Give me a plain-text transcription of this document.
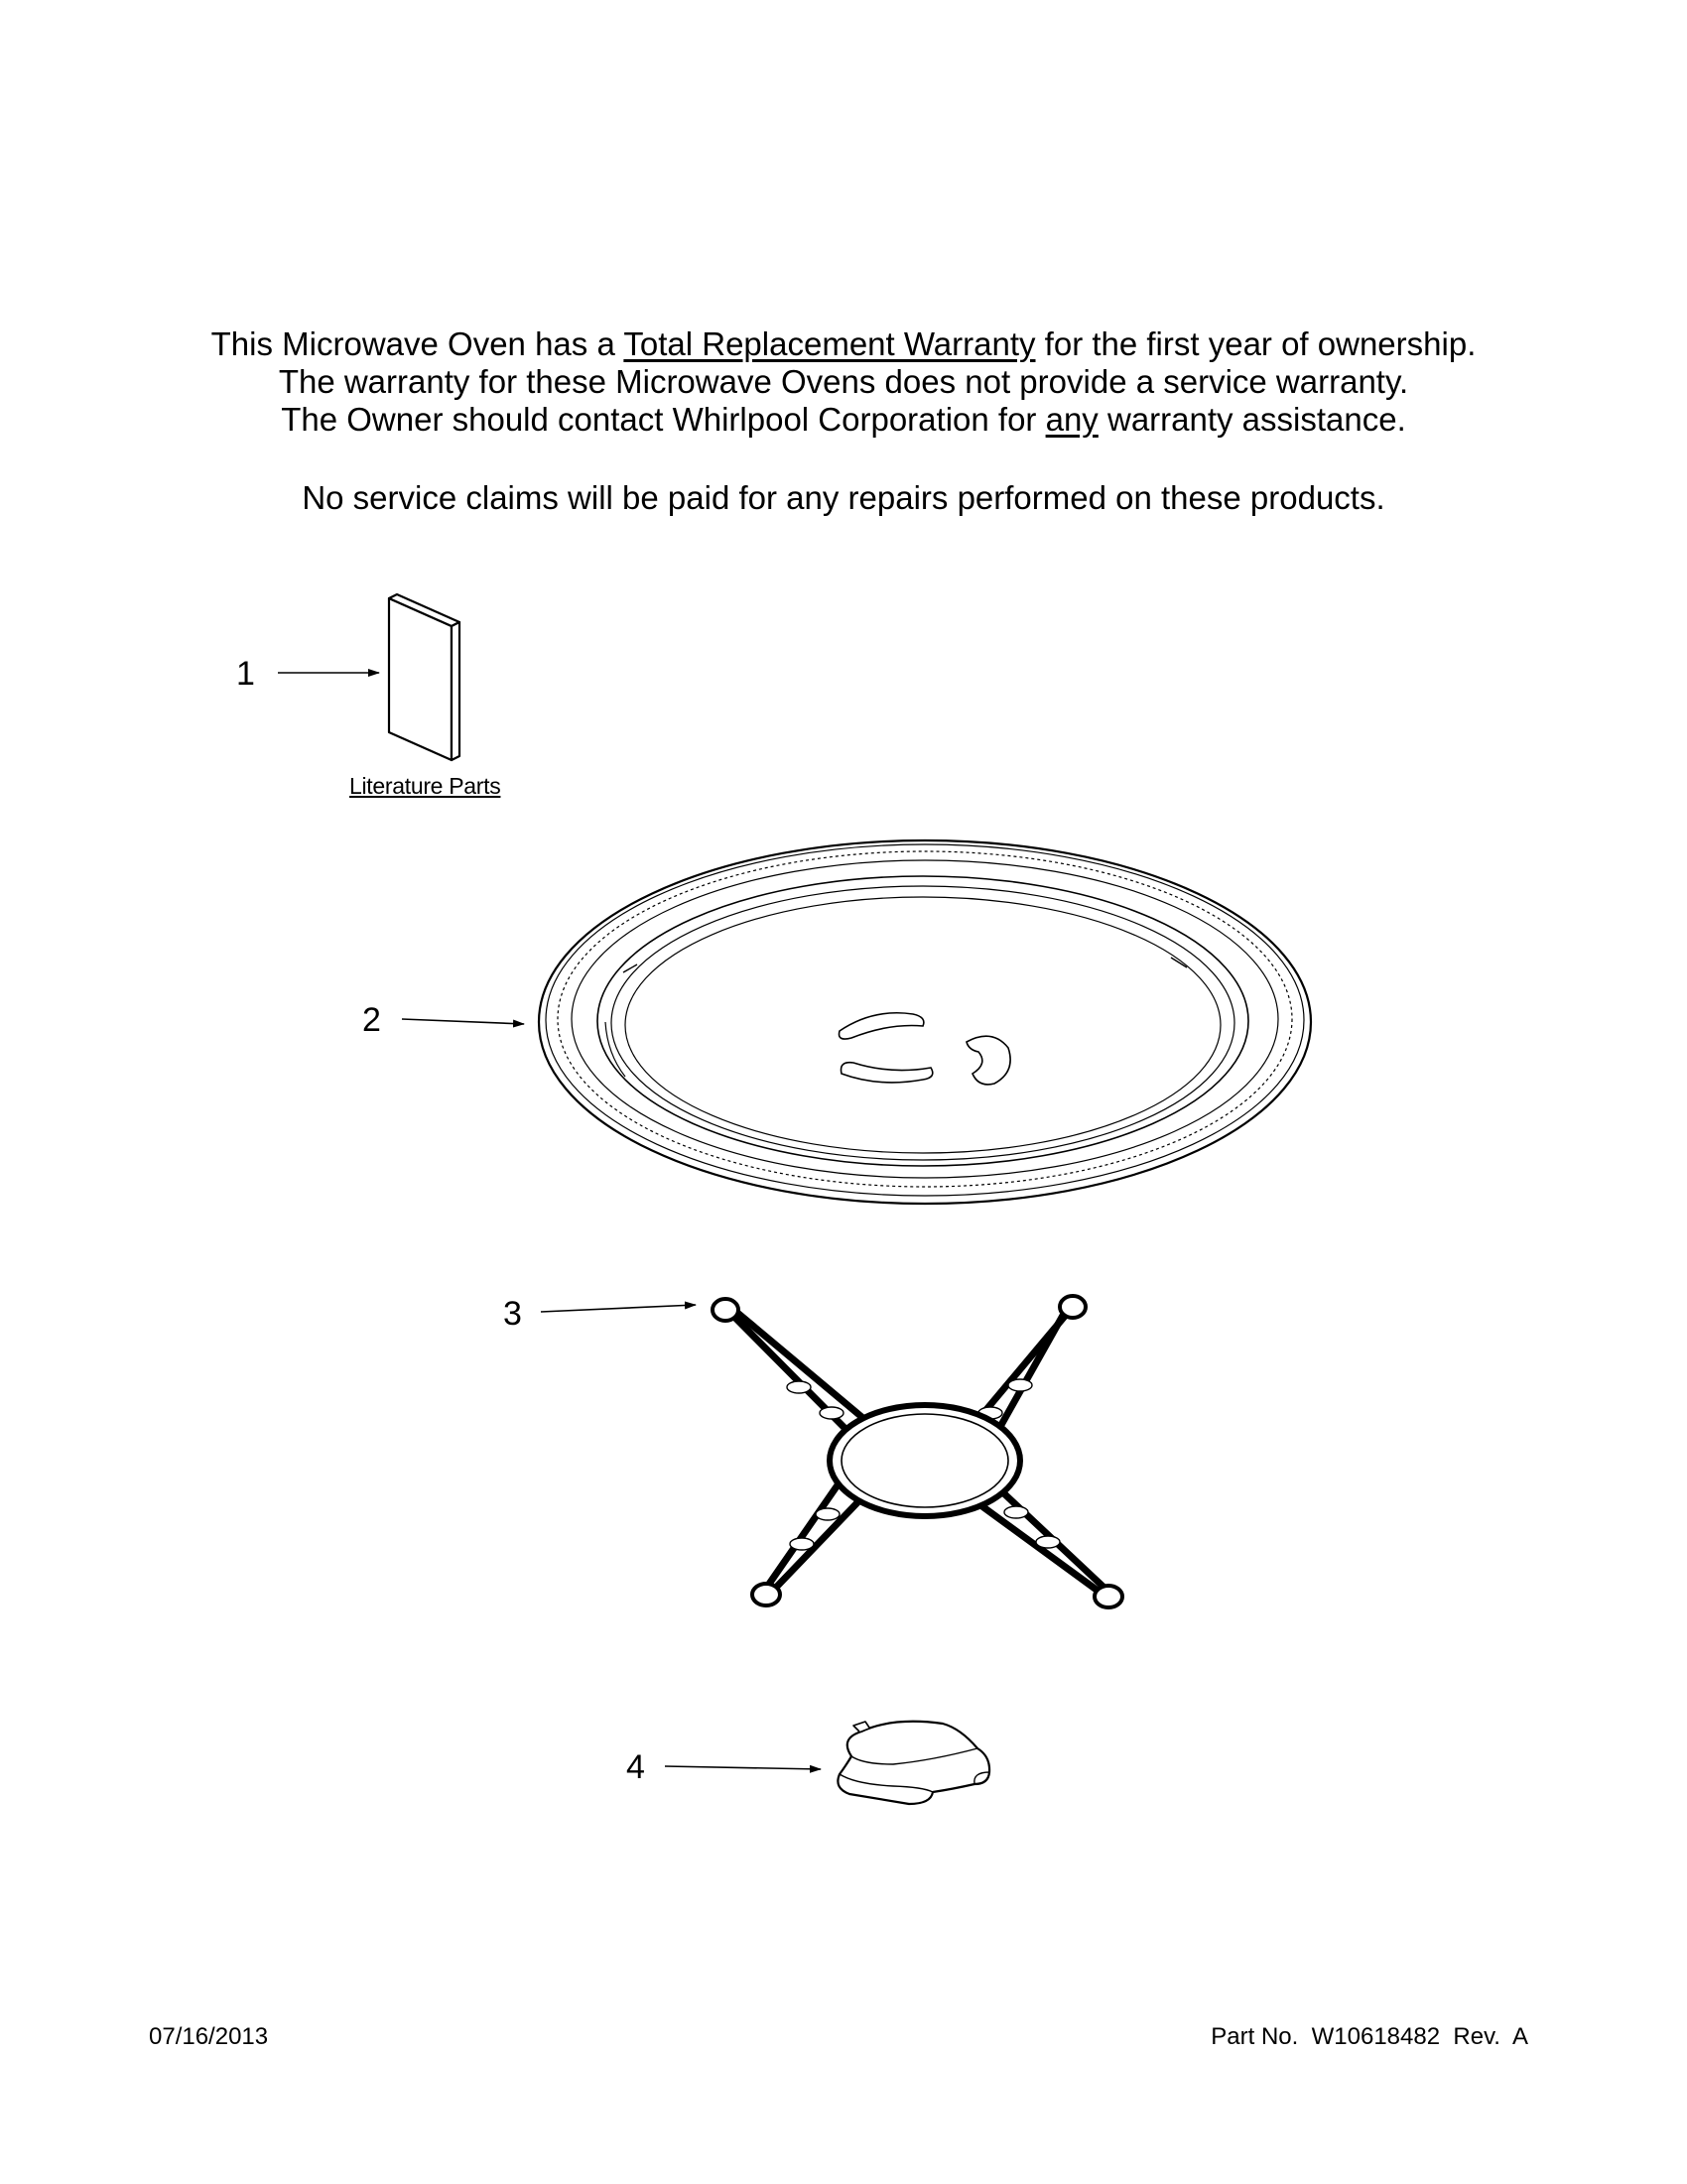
This Microwave Oven has a Total Replacement Warranty for the first year of ownership.
The warranty for these Microwave Ovens does not provide a service warranty.
The Owner should contact Whirlpool Corporation for any warranty assistance.
No service claims will be paid for any repairs performed on these products.
1
2
3
4
Literature Parts
07/16/2013	Part No.  W10618482  Rev.  A
